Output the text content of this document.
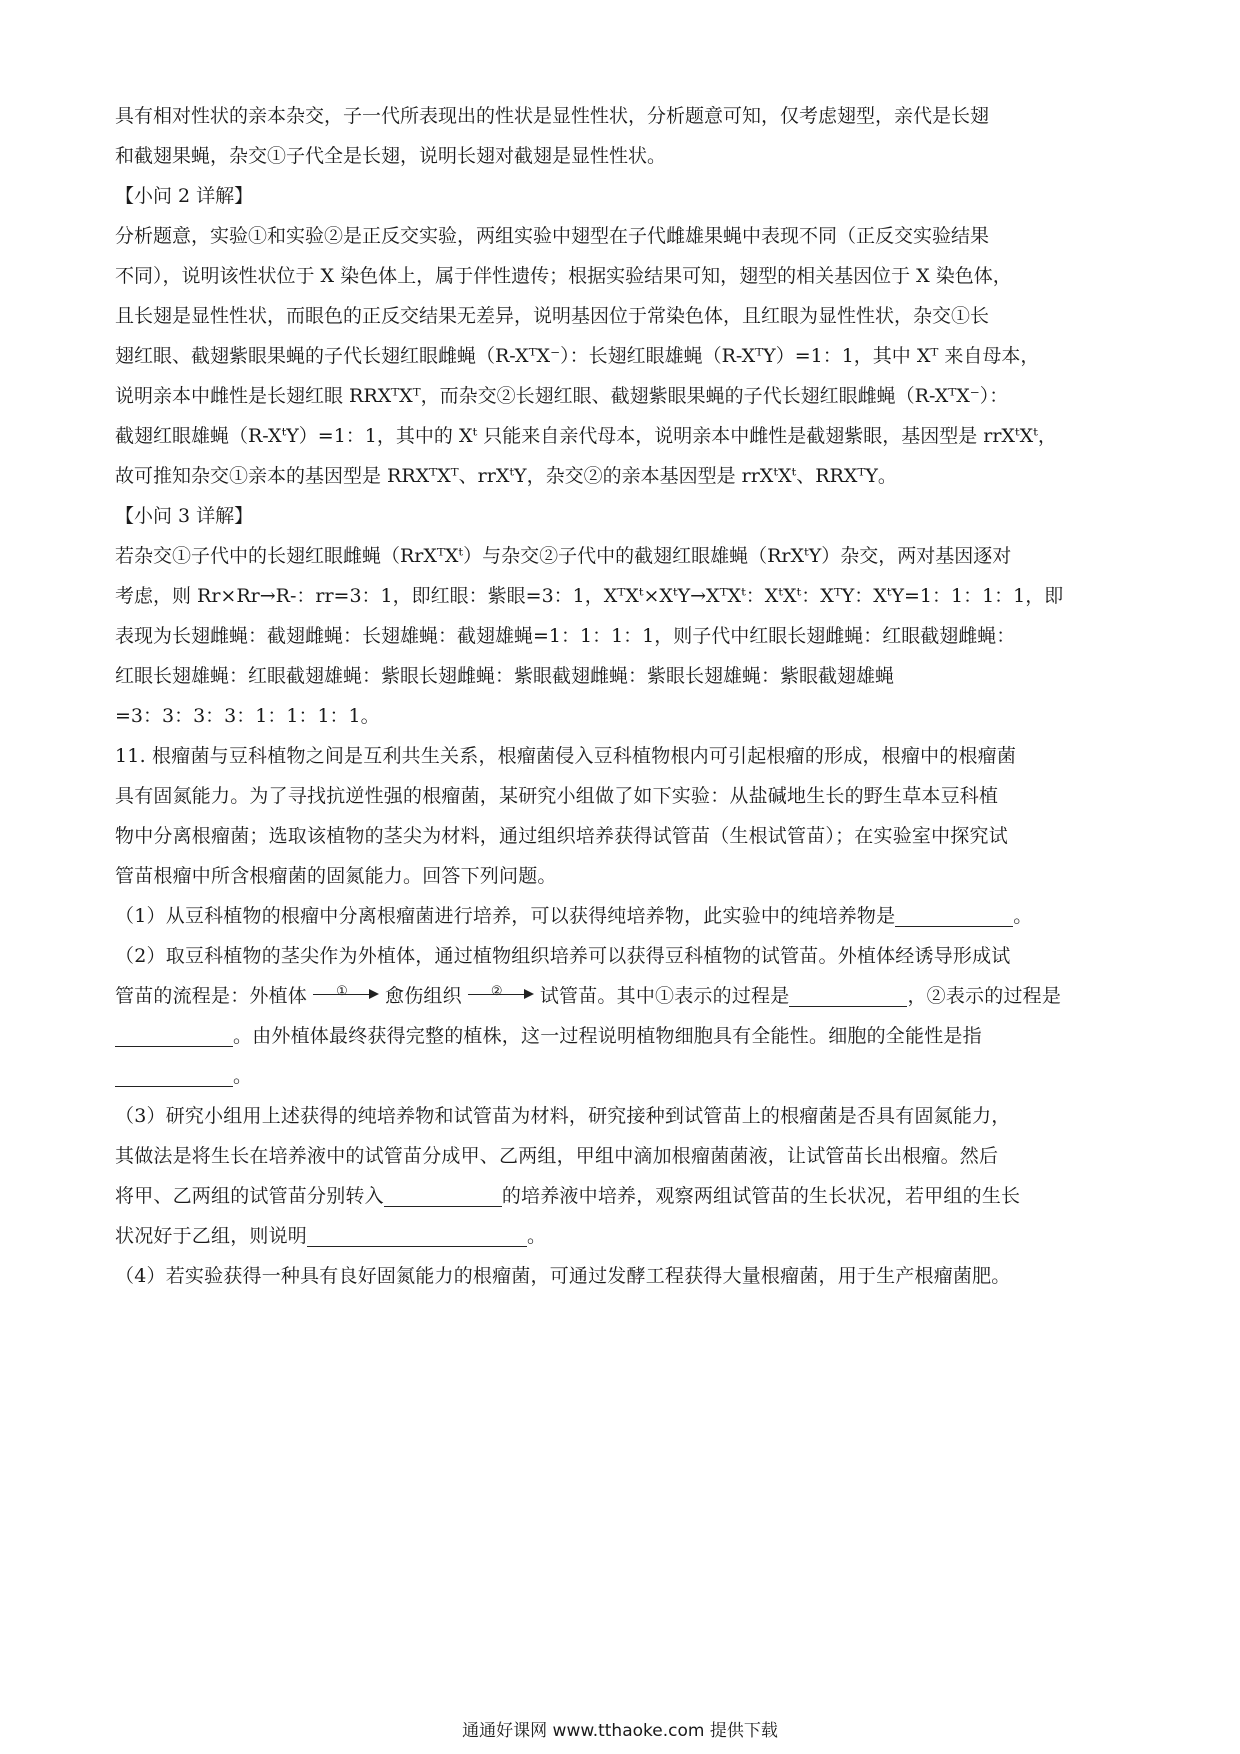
具有相对性状的亲本杂交，子一代所表现出的性状是显性性状，分析题意可知，仅考虑翅型，亲代是长翅
和截翅果蝇，杂交①子代全是长翅，说明长翅对截翅是显性性状。
【小问 2 详解】
分析题意，实验①和实验②是正反交实验，两组实验中翅型在子代雌雄果蝇中表现不同（正反交实验结果
不同），说明该性状位于 X 染色体上，属于伴性遗传；根据实验结果可知，翅型的相关基因位于 X 染色体，
且长翅是显性性状，而眼色的正反交结果无差异，说明基因位于常染色体，且红眼为显性性状，杂交①长
翅红眼、截翅紫眼果蝇的子代长翅红眼雌蝇（R-XᵀX⁻）：长翅红眼雄蝇（R-XᵀY）=1：1，其中 Xᵀ 来自母本，
说明亲本中雌性是长翅红眼 RRXᵀXᵀ，而杂交②长翅红眼、截翅紫眼果蝇的子代长翅红眼雌蝇（R-XᵀX⁻）：
截翅红眼雄蝇（R-XᵗY）=1：1，其中的 Xᵗ 只能来自亲代母本，说明亲本中雌性是截翅紫眼，基因型是 rrXᵗXᵗ，
故可推知杂交①亲本的基因型是 RRXᵀXᵀ、rrXᵗY，杂交②的亲本基因型是 rrXᵗXᵗ、RRXᵀY。
【小问 3 详解】
若杂交①子代中的长翅红眼雌蝇（RrXᵀXᵗ）与杂交②子代中的截翅红眼雄蝇（RrXᵗY）杂交，两对基因逐对
考虑，则 Rr×Rr→R-：rr=3：1，即红眼：紫眼=3：1，XᵀXᵗ×XᵗY→XᵀXᵗ：XᵗXᵗ：XᵀY：XᵗY=1：1：1：1，即
表现为长翅雌蝇：截翅雌蝇：长翅雄蝇：截翅雄蝇=1：1：1：1，则子代中红眼长翅雌蝇：红眼截翅雌蝇：
红眼长翅雄蝇：红眼截翅雄蝇：紫眼长翅雌蝇：紫眼截翅雌蝇：紫眼长翅雄蝇：紫眼截翅雄蝇
=3：3：3：3：1：1：1：1。
11. 根瘤菌与豆科植物之间是互利共生关系，根瘤菌侵入豆科植物根内可引起根瘤的形成，根瘤中的根瘤菌
具有固氮能力。为了寻找抗逆性强的根瘤菌，某研究小组做了如下实验：从盐碱地生长的野生草本豆科植
物中分离根瘤菌；选取该植物的茎尖为材料，通过组织培养获得试管苗（生根试管苗）；在实验室中探究试
管苗根瘤中所含根瘤菌的固氮能力。回答下列问题。
（1）从豆科植物的根瘤中分离根瘤菌进行培养，可以获得纯培养物，此实验中的纯培养物是	。
（2）取豆科植物的茎尖作为外植体，通过植物组织培养可以获得豆科植物的试管苗。外植体经诱导形成试
管苗的流程是：外植体	①	愈伤组织	②	试管苗。其中①表示的过程是	，②表示的过程是
。由外植体最终获得完整的植株，这一过程说明植物细胞具有全能性。细胞的全能性是指
。
（3）研究小组用上述获得的纯培养物和试管苗为材料，研究接种到试管苗上的根瘤菌是否具有固氮能力，
其做法是将生长在培养液中的试管苗分成甲、乙两组，甲组中滴加根瘤菌菌液，让试管苗长出根瘤。然后
将甲、乙两组的试管苗分别转入	的培养液中培养，观察两组试管苗的生长状况，若甲组的生长
状况好于乙组，则说明	。
（4）若实验获得一种具有良好固氮能力的根瘤菌，可通过发酵工程获得大量根瘤菌，用于生产根瘤菌肥。
通通好课网 www.tthaoke.com 提供下载
